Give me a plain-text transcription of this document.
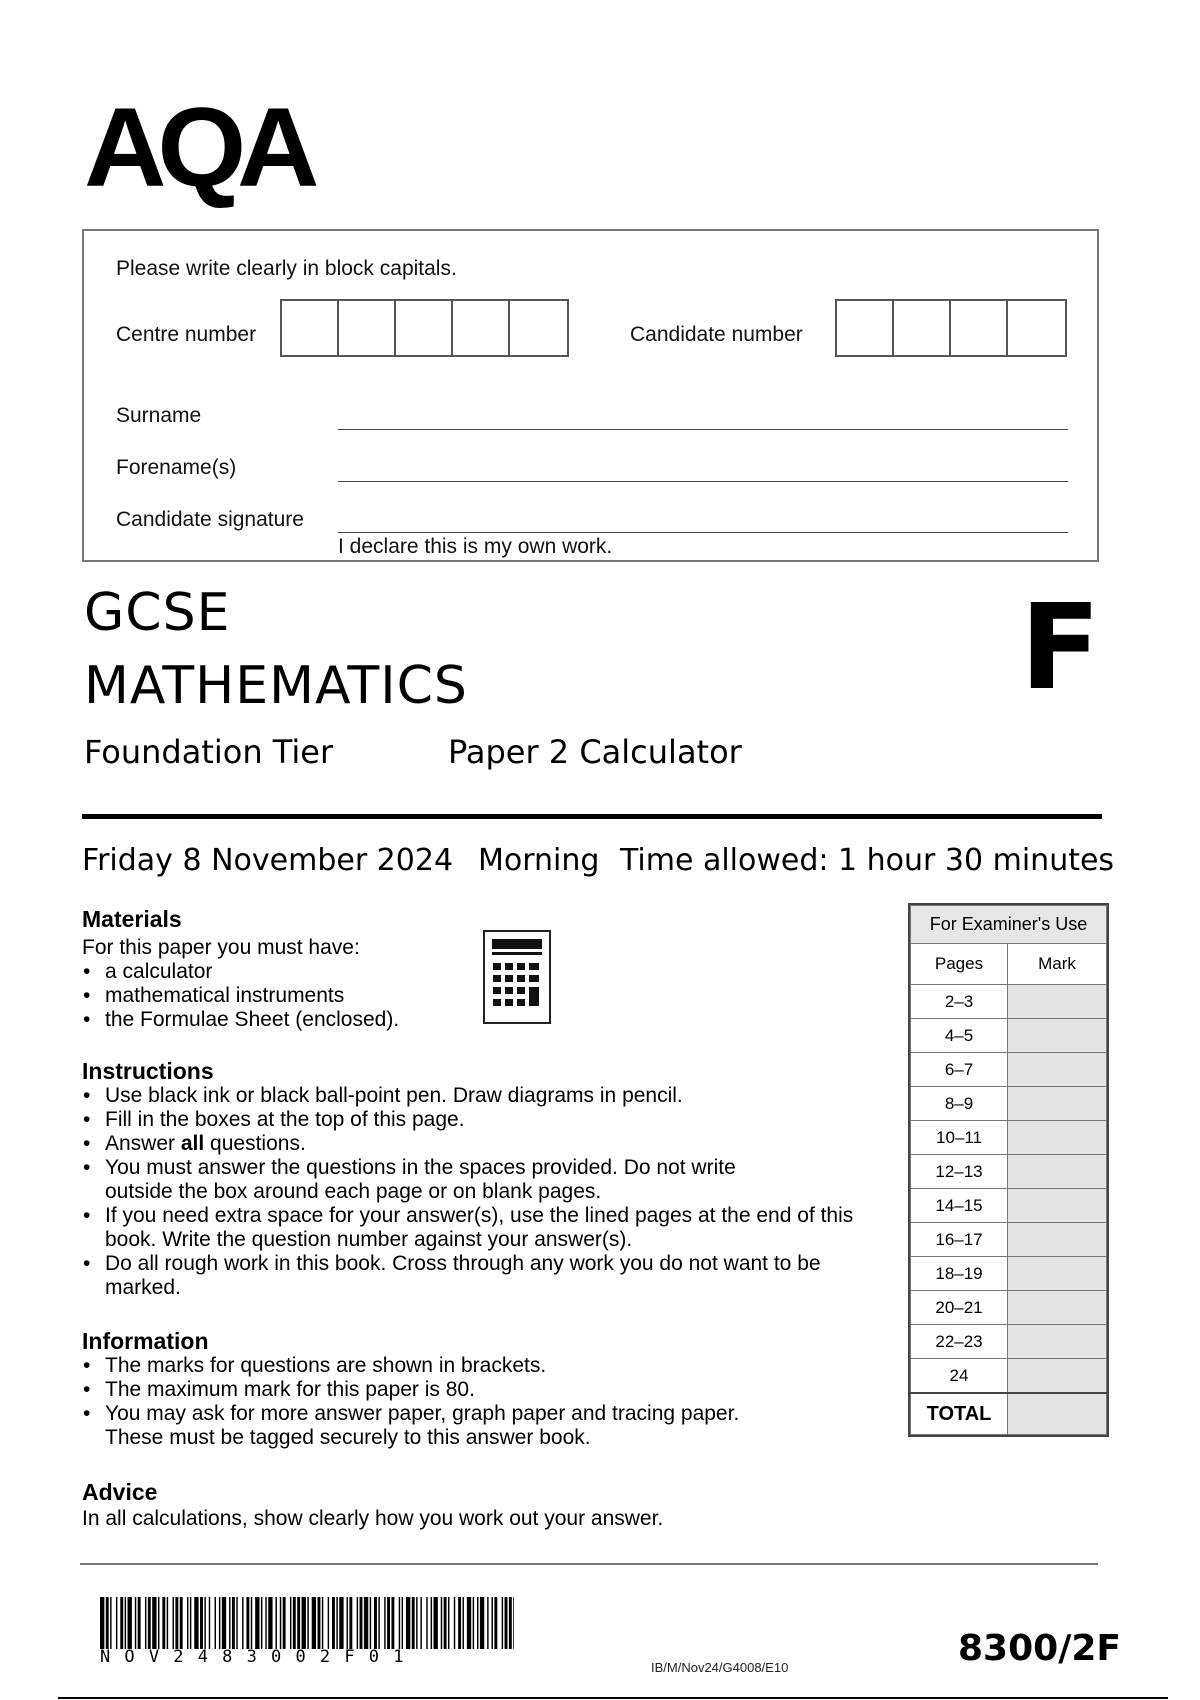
AQA
Please write clearly in block capitals.
Centre number	Candidate number
Surname
Forename(s)
Candidate signature
I declare this is my own work.
GCSE
MATHEMATICS	F
Foundation Tier	Paper 2 Calculator
Friday 8 November 2024 Morning Time allowed: 1 hour 30 minutes
Materials
For this paper you must have:
• a calculator
• mathematical instruments
• the Formulae Sheet (enclosed).
Instructions
• Use black ink or black ball-point pen. Draw diagrams in pencil.
• Fill in the boxes at the top of this page.
• Answer all questions.
• You must answer the questions in the spaces provided. Do not write outside the box around each page or on blank pages.
• If you need extra space for your answer(s), use the lined pages at the end of this book. Write the question number against your answer(s).
• Do all rough work in this book. Cross through any work you do not want to be marked.
Information
• The marks for questions are shown in brackets.
• The maximum mark for this paper is 80.
• You may ask for more answer paper, graph paper and tracing paper. These must be tagged securely to this answer book.
Advice
In all calculations, show clearly how you work out your answer.
For Examiner's Use	
Pages	Mark
2–3	
4–5	
6–7	
8–9	
10–11	
12–13	
14–15	
16–17	
18–19	
20–21	
22–23	
24	
TOTAL	
NOV2483002F01
IB/M/Nov24/G4008/E10	8300/2F
